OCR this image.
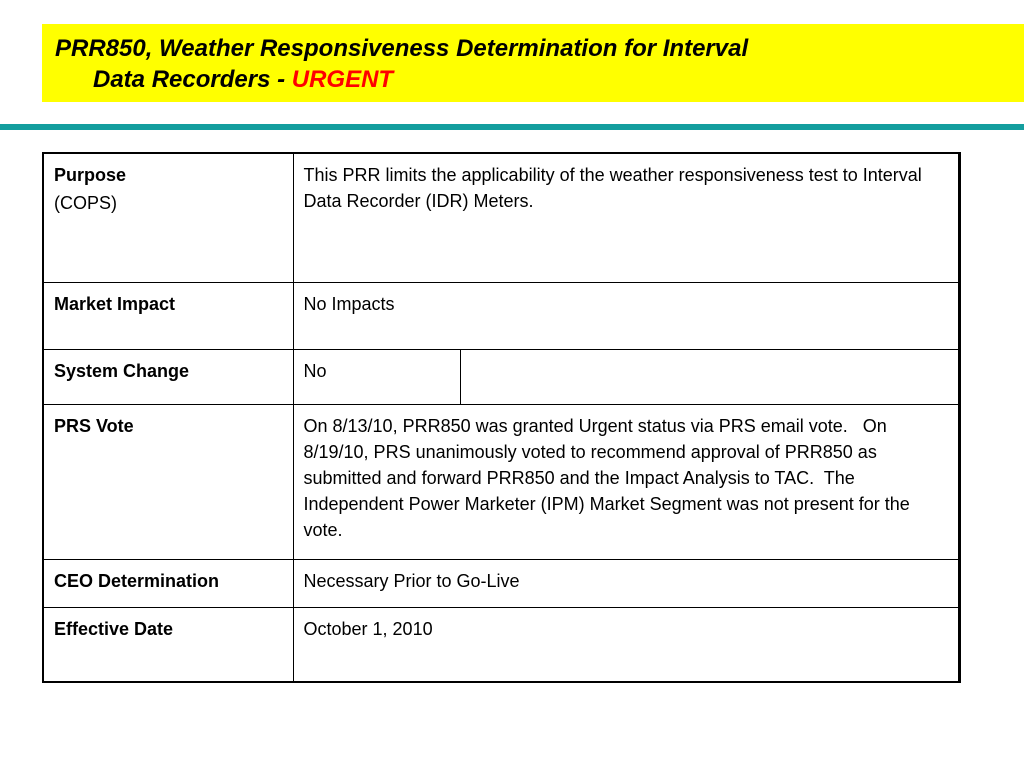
PRR850, Weather Responsiveness Determination for Interval
Data Recorders - URGENT
Purpose
(COPS)	This PRR limits the applicability of the weather responsiveness test to Interval Data Recorder (IDR) Meters.	
Market Impact	No Impacts	
System Change	No	
PRS Vote	On 8/13/10, PRR850 was granted Urgent status via PRS email vote.   On 8/19/10, PRS unanimously voted to recommend approval of PRR850 as submitted and forward PRR850 and the Impact Analysis to TAC.  The Independent Power Marketer (IPM) Market Segment was not present for the vote.	
CEO Determination	Necessary Prior to Go-Live	
Effective Date	October 1, 2010	
